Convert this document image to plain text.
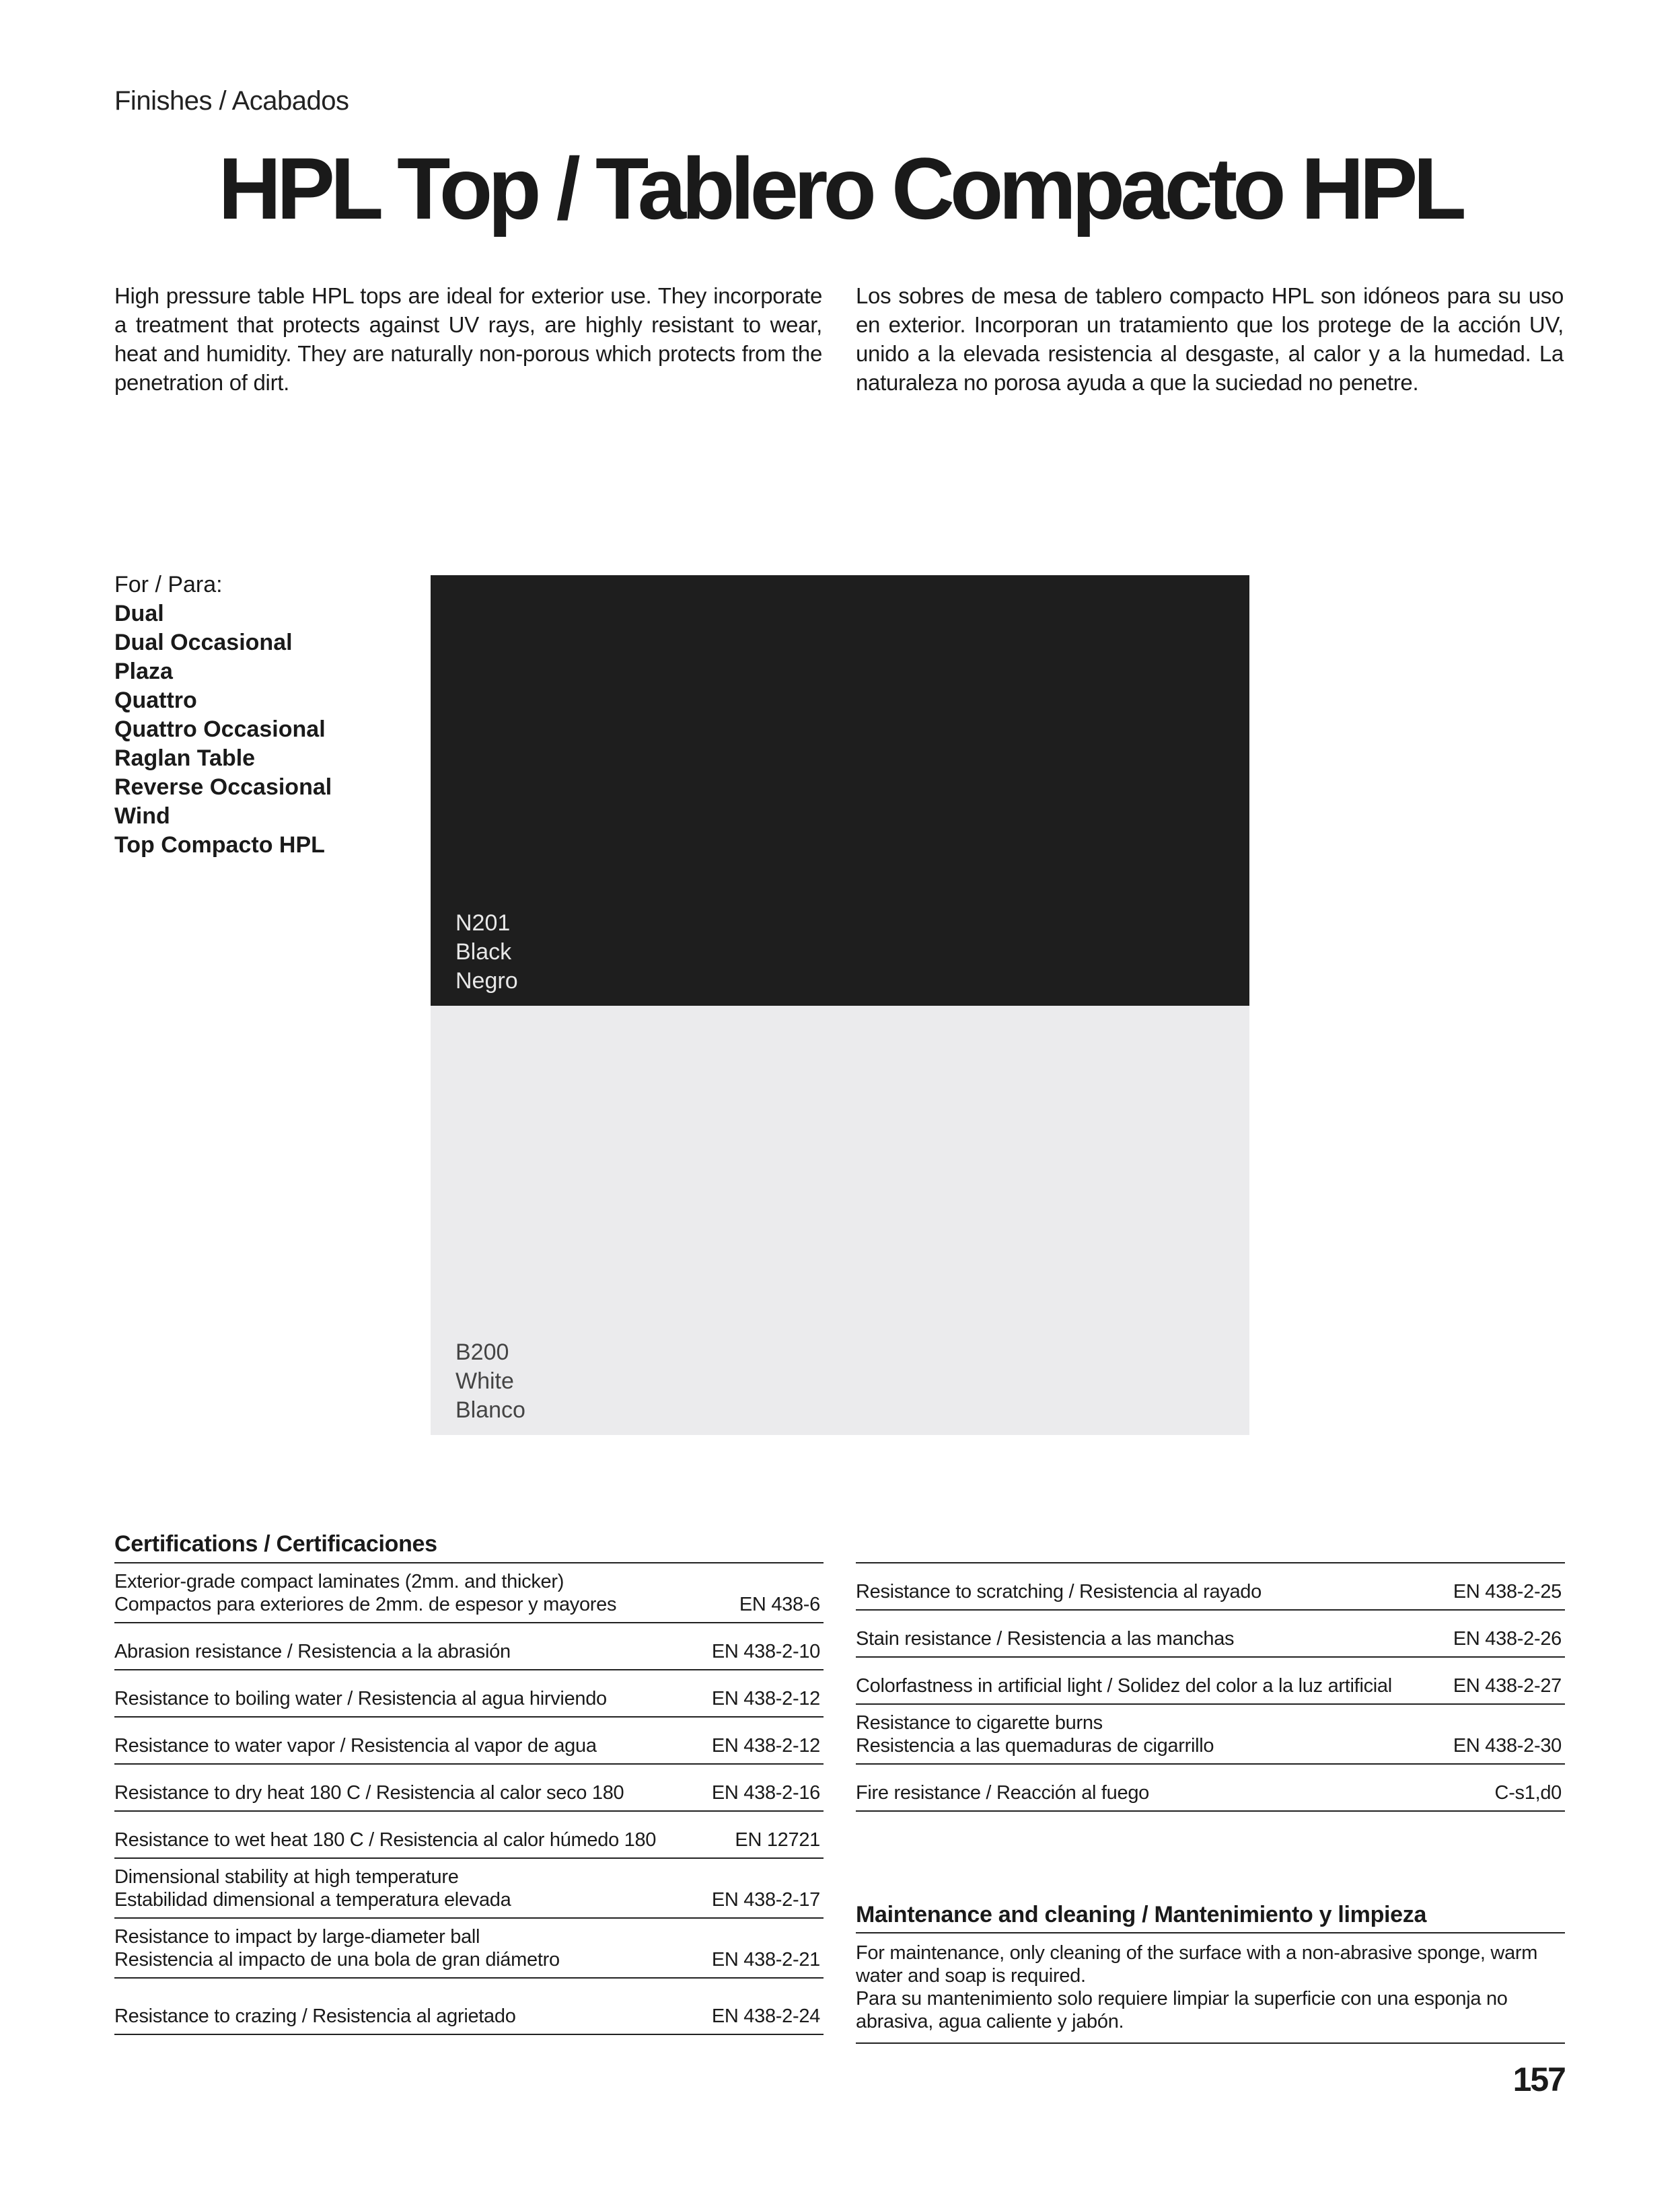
Finishes / Acabados
HPL Top / Tablero Compacto HPL
High pressure table HPL tops are ideal for exterior use. They incorporate a treatment that protects against UV rays, are highly resistant to wear, heat and humidity. They are naturally non-porous which protects from the penetration of dirt.
Los sobres de mesa de tablero compacto HPL son idóneos para su uso en exterior. Incorporan un tratamiento que los protege de la acción UV, unido a la elevada resistencia al desgaste, al calor y a la humedad. La naturaleza no porosa ayuda a que la suciedad no penetre.
For / Para:
Dual
Dual Occasional
Plaza
Quattro
Quattro Occasional
Raglan Table
Reverse Occasional
Wind
Top Compacto HPL
N201
Black
Negro
B200
White
Blanco
Certifications / Certificaciones
Exterior-grade compact laminates (2mm. and thicker)
Compactos para exteriores de 2mm. de espesor y mayores	EN 438-6
Abrasion resistance / Resistencia a la abrasión	EN 438-2-10
Resistance to boiling water / Resistencia al agua hirviendo	EN 438-2-12
Resistance to water vapor / Resistencia al vapor de agua	EN 438-2-12
Resistance to dry heat 180 C / Resistencia al calor seco 180	EN 438-2-16
Resistance to wet heat 180 C / Resistencia al calor húmedo 180	EN 12721
Dimensional stability at high temperature
Estabilidad dimensional a temperatura elevada	EN 438-2-17
Resistance to impact by large-diameter ball
Resistencia al impacto de una bola de gran diámetro	EN 438-2-21
Resistance to crazing / Resistencia al agrietado	EN 438-2-24
Resistance to scratching / Resistencia al rayado	EN 438-2-25
Stain resistance / Resistencia a las manchas	EN 438-2-26
Colorfastness in artificial light / Solidez del color a la luz artificial	EN 438-2-27
Resistance to cigarette burns
Resistencia a las quemaduras de cigarrillo	EN 438-2-30
Fire resistance / Reacción al fuego	C-s1,d0
Maintenance and cleaning / Mantenimiento y limpieza
For maintenance, only cleaning of the surface with a non-abrasive sponge, warm water and soap is required.
Para su mantenimiento solo requiere limpiar la superficie con una esponja no abrasiva, agua caliente y jabón.
157
